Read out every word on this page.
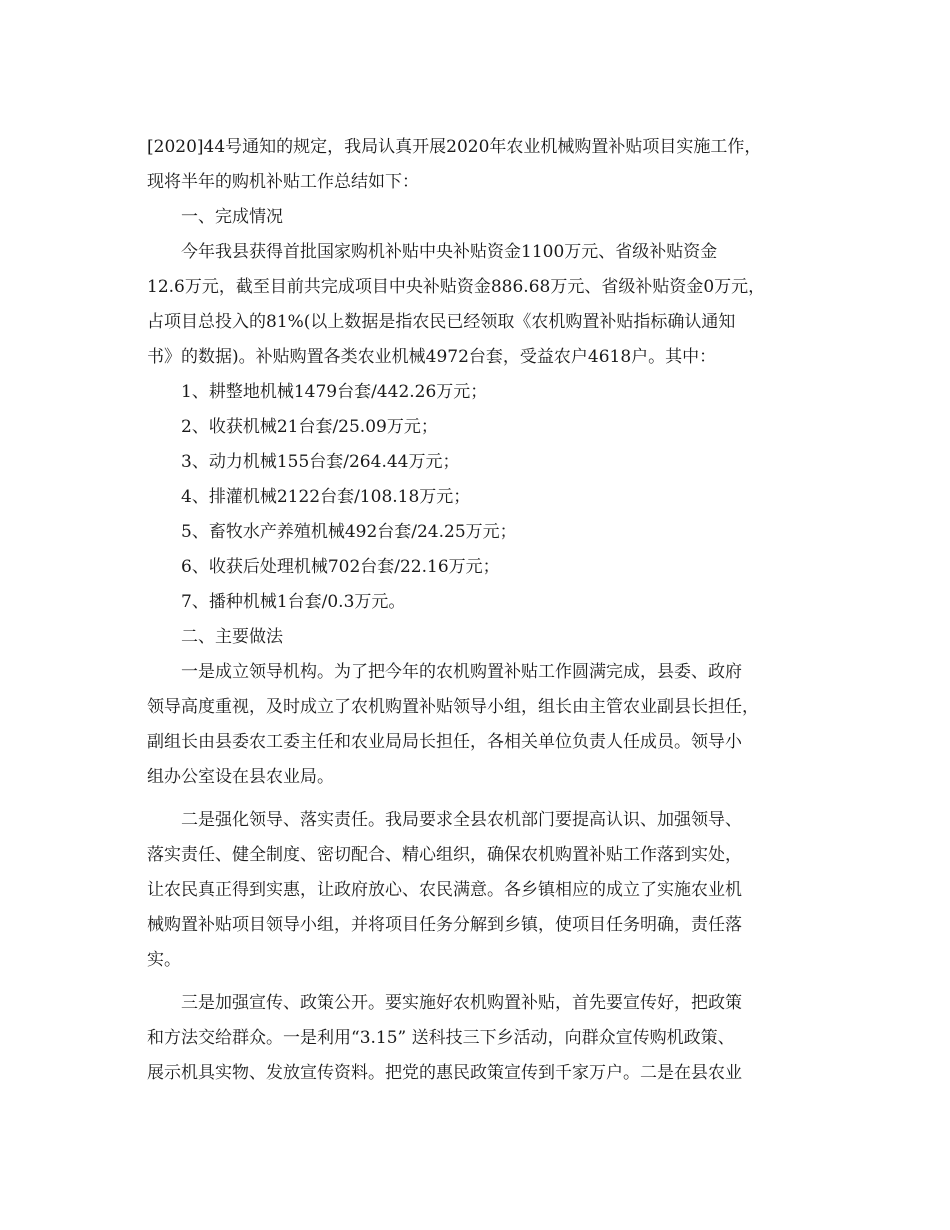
[2020]44号通知的规定，我局认真开展2020年农业机械购置补贴项目实施工作，
现将半年的购机补贴工作总结如下：
一、完成情况
今年我县获得首批国家购机补贴中央补贴资金1100万元、省级补贴资金
12.6万元，截至目前共完成项目中央补贴资金886.68万元、省级补贴资金0万元，
占项目总投入的81%(以上数据是指农民已经领取《农机购置补贴指标确认通知
书》的数据)。补贴购置各类农业机械4972台套，受益农户4618户。其中：
1、耕整地机械1479台套/442.26万元；
2、收获机械21台套/25.09万元；
3、动力机械155台套/264.44万元；
4、排灌机械2122台套/108.18万元；
5、畜牧水产养殖机械492台套/24.25万元；
6、收获后处理机械702台套/22.16万元；
7、播种机械1台套/0.3万元。
二、主要做法
一是成立领导机构。为了把今年的农机购置补贴工作圆满完成，县委、政府
领导高度重视，及时成立了农机购置补贴领导小组，组长由主管农业副县长担任，
副组长由县委农工委主任和农业局局长担任，各相关单位负责人任成员。领导小
组办公室设在县农业局。
二是强化领导、落实责任。我局要求全县农机部门要提高认识、加强领导、
落实责任、健全制度、密切配合、精心组织，确保农机购置补贴工作落到实处，
让农民真正得到实惠，让政府放心、农民满意。各乡镇相应的成立了实施农业机
械购置补贴项目领导小组，并将项目任务分解到乡镇，使项目任务明确，责任落
实。
三是加强宣传、政策公开。要实施好农机购置补贴，首先要宣传好，把政策
和方法交给群众。一是利用“3.15” 送科技三下乡活动，向群众宣传购机政策、
展示机具实物、发放宣传资料。把党的惠民政策宣传到千家万户。二是在县农业
